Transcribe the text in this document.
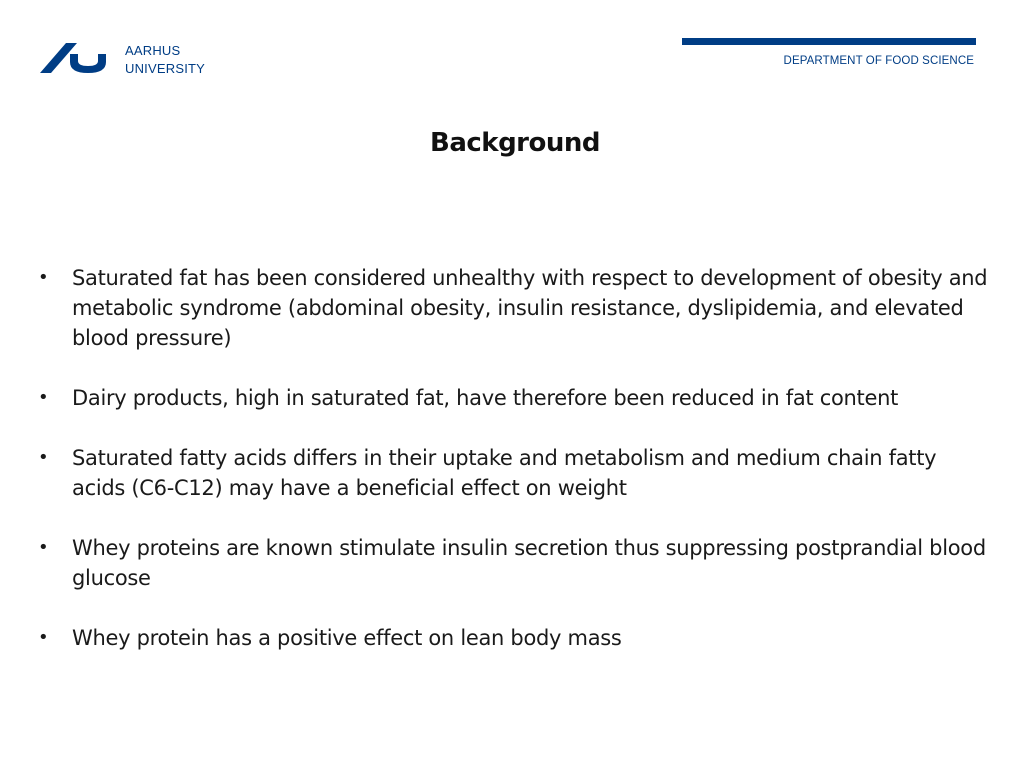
AARHUS
UNIVERSITY	DEPARTMENT OF FOOD SCIENCE
Background
•	Saturated fat has been considered unhealthy with respect to development of obesity and metabolic syndrome (abdominal obesity, insulin resistance, dyslipidemia, and elevated blood pressure)
•	Dairy products, high in saturated fat, have therefore been reduced in fat content
•	Saturated fatty acids differs in their uptake and metabolism and medium chain fatty acids (C6-C12) may have a beneficial effect on weight
•	Whey proteins are known stimulate insulin secretion thus suppressing postprandial blood glucose
•	Whey protein has a positive effect on lean body mass
